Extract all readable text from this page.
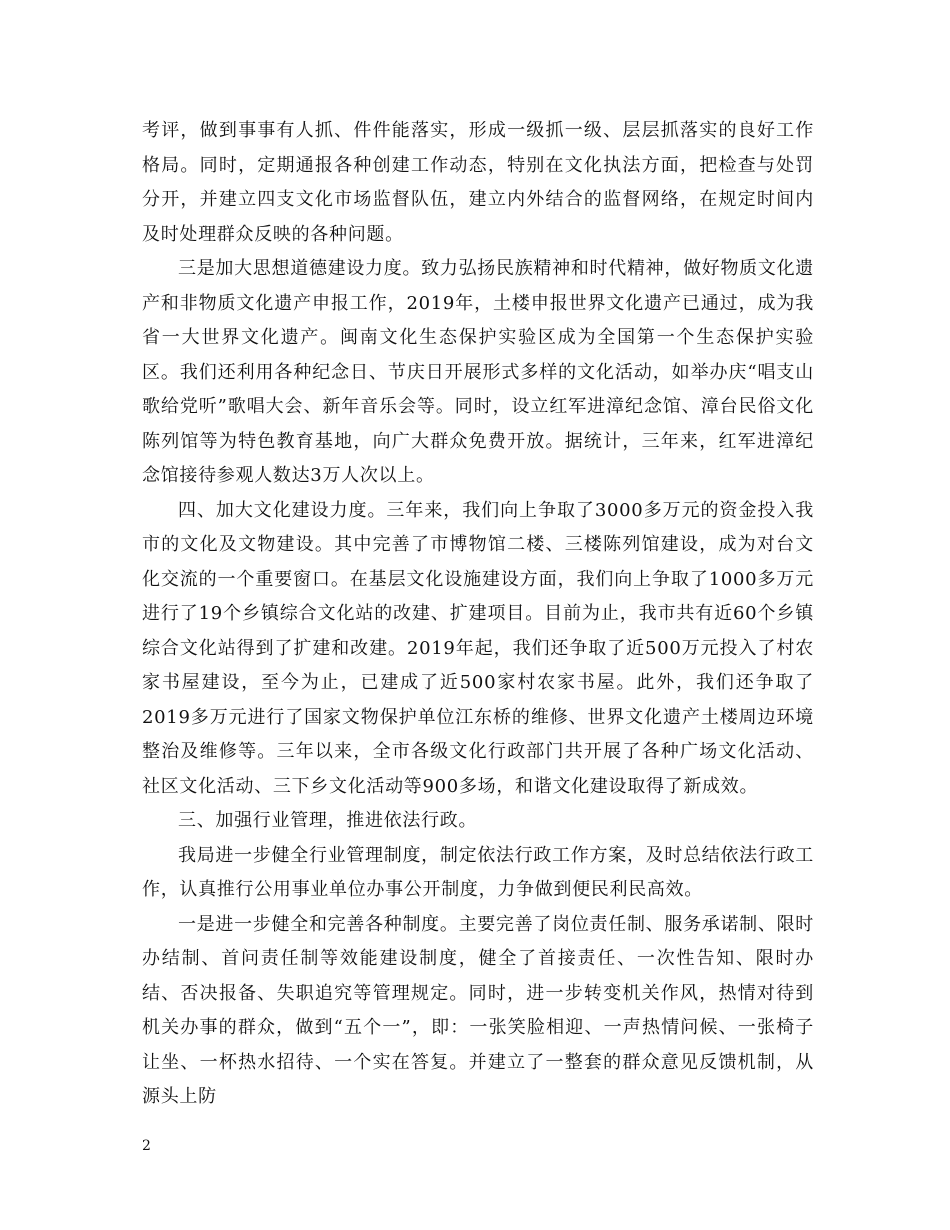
考评，做到事事有人抓、件件能落实，形成一级抓一级、层层抓落实的良好工作格局。同时，定期通报各种创建工作动态，特别在文化执法方面，把检查与处罚分开，并建立四支文化市场监督队伍，建立内外结合的监督网络，在规定时间内及时处理群众反映的各种问题。

三是加大思想道德建设力度。致力弘扬民族精神和时代精神，做好物质文化遗产和非物质文化遗产申报工作，2019年，土楼申报世界文化遗产已通过，成为我省一大世界文化遗产。闽南文化生态保护实验区成为全国第一个生态保护实验区。我们还利用各种纪念日、节庆日开展形式多样的文化活动，如举办庆“唱支山歌给党听”歌唱大会、新年音乐会等。同时，设立红军进漳纪念馆、漳台民俗文化陈列馆等为特色教育基地，向广大群众免费开放。据统计，三年来，红军进漳纪念馆接待参观人数达3万人次以上。

四、加大文化建设力度。三年来，我们向上争取了3000多万元的资金投入我市的文化及文物建设。其中完善了市博物馆二楼、三楼陈列馆建设，成为对台文化交流的一个重要窗口。在基层文化设施建设方面，我们向上争取了1000多万元进行了19个乡镇综合文化站的改建、扩建项目。目前为止，我市共有近60个乡镇综合文化站得到了扩建和改建。2019年起，我们还争取了近500万元投入了村农家书屋建设，至今为止，已建成了近500家村农家书屋。此外，我们还争取了2019多万元进行了国家文物保护单位江东桥的维修、世界文化遗产土楼周边环境整治及维修等。三年以来，全市各级文化行政部门共开展了各种广场文化活动、社区文化活动、三下乡文化活动等900多场，和谐文化建设取得了新成效。

三、加强行业管理，推进依法行政。

我局进一步健全行业管理制度，制定依法行政工作方案，及时总结依法行政工作，认真推行公用事业单位办事公开制度，力争做到便民利民高效。

一是进一步健全和完善各种制度。主要完善了岗位责任制、服务承诺制、限时办结制、首问责任制等效能建设制度，健全了首接责任、一次性告知、限时办结、否决报备、失职追究等管理规定。同时，进一步转变机关作风，热情对待到机关办事的群众，做到“五个一”，即：一张笑脸相迎、一声热情问候、一张椅子让坐、一杯热水招待、一个实在答复。并建立了一整套的群众意见反馈机制，从源头上防

2
